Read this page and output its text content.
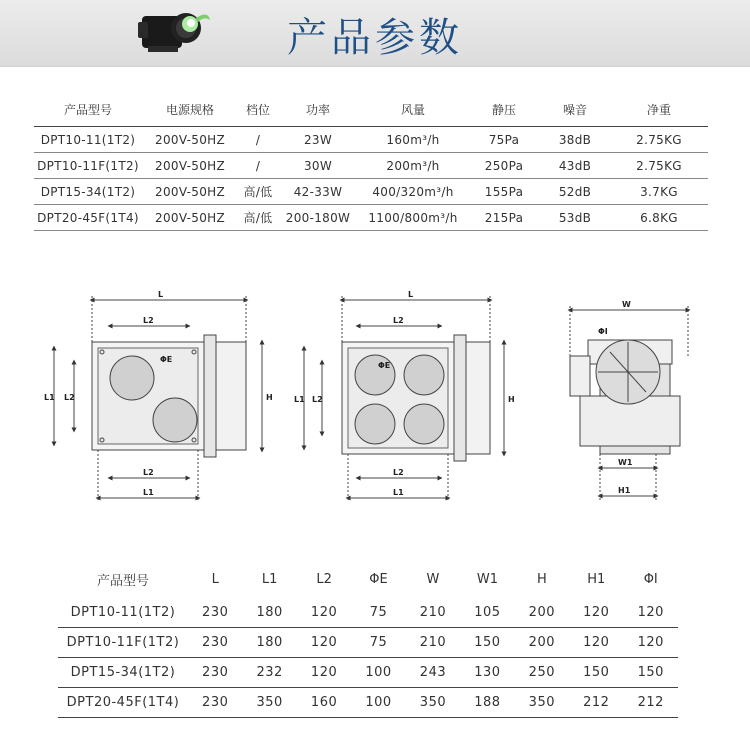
产品参数
产品型号	电源规格	档位	功率	风量	静压	噪音	净重
DPT10-11(1T2)	200V-50HZ	/	23W	160m³/h	75Pa	38dB	2.75KG
DPT10-11F(1T2)	200V-50HZ	/	30W	200m³/h	250Pa	43dB	2.75KG
DPT15-34(1T2)	200V-50HZ	高/低	42-33W	400/320m³/h	155Pa	52dB	3.7KG
DPT20-45F(1T4)	200V-50HZ	高/低	200-180W	1100/800m³/h	215Pa	53dB	6.8KG
L
L2
L2
L1
L1 L2	H
ΦE
L
L2
L2
L1
L1 L2	H
ΦE
W
W1
H1
ΦI
产品型号	L	L1	L2	ΦE	W	W1	H	H1	ΦI
DPT10-11(1T2)	230	180	120	75	210	105	200	120	120
DPT10-11F(1T2)	230	180	120	75	210	150	200	120	120
DPT15-34(1T2)	230	232	120	100	243	130	250	150	150
DPT20-45F(1T4)	230	350	160	100	350	188	350	212	212
